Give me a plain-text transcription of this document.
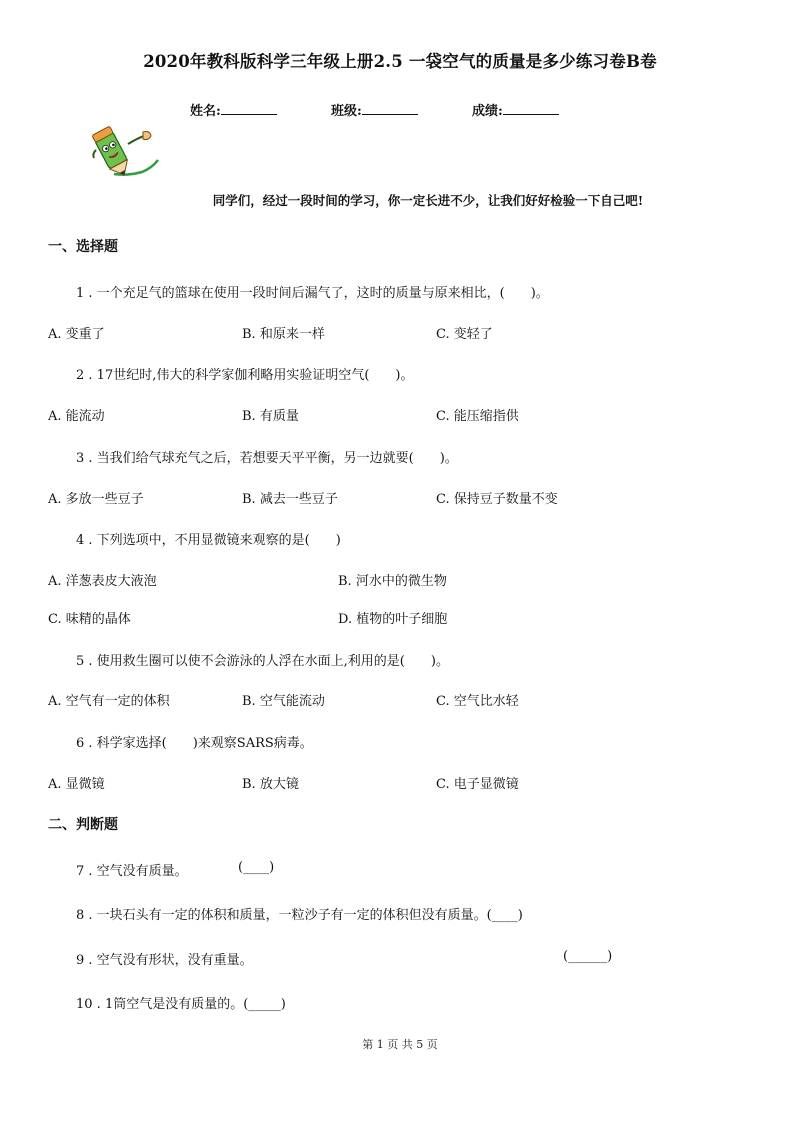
2020年教科版科学三年级上册2.5 一袋空气的质量是多少练习卷B卷
姓名:	班级:	成绩:
同学们，经过一段时间的学习，你一定长进不少，让我们好好检验一下自己吧!
一、选择题
1 . 一个充足气的篮球在使用一段时间后漏气了，这时的质量与原来相比，(　　)。
A. 变重了	B. 和原来一样	C. 变轻了
2 . 17世纪时,伟大的科学家伽利略用实验证明空气(　　)。
A. 能流动	B. 有质量	C. 能压缩指供
3 . 当我们给气球充气之后，若想要天平平衡，另一边就要(　　)。
A. 多放一些豆子	B. 减去一些豆子	C. 保持豆子数量不变
4 . 下列选项中，不用显微镜来观察的是(　　)
A. 洋葱表皮大液泡	B. 河水中的微生物
C. 味精的晶体	D. 植物的叶子细胞
5 . 使用救生圈可以使不会游泳的人浮在水面上,利用的是(　　)。
A. 空气有一定的体积	B. 空气能流动	C. 空气比水轻
6 . 科学家选择(　　)来观察SARS病毒。
A. 显微镜	B. 放大镜	C. 电子显微镜
二、判断题
7 . 空气没有质量。	(____)
8 . 一块石头有一定的体积和质量，一粒沙子有一定的体积但没有质量。(____)
9 . 空气没有形状，没有重量。	(______)
10 . 1筒空气是没有质量的。(_____)
第 1 页 共 5 页
